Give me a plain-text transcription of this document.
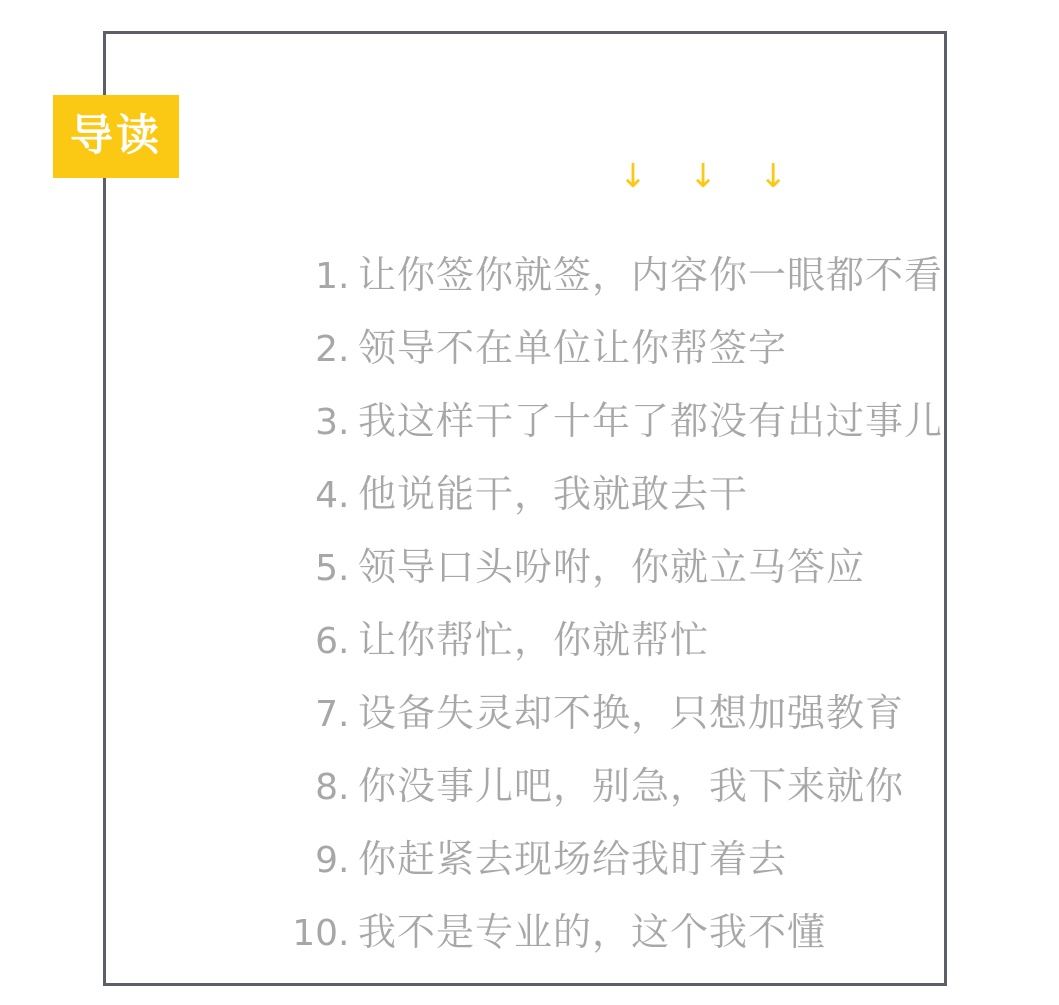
↓ ↓ ↓
1 . 让你签你就签，内容你一眼都不看
2 . 领导不在单位让你帮签字
3 . 我这样干了十年了都没有出过事儿
4 . 他说能干，我就敢去干
5 . 领导口头吩咐，你就立马答应
6 . 让你帮忙，你就帮忙
7 . 设备失灵却不换，只想加强教育
8 . 你没事儿吧，别急，我下来就你
9 . 你赶紧去现场给我盯着去
10 . 我不是专业的，这个我不懂
导读
